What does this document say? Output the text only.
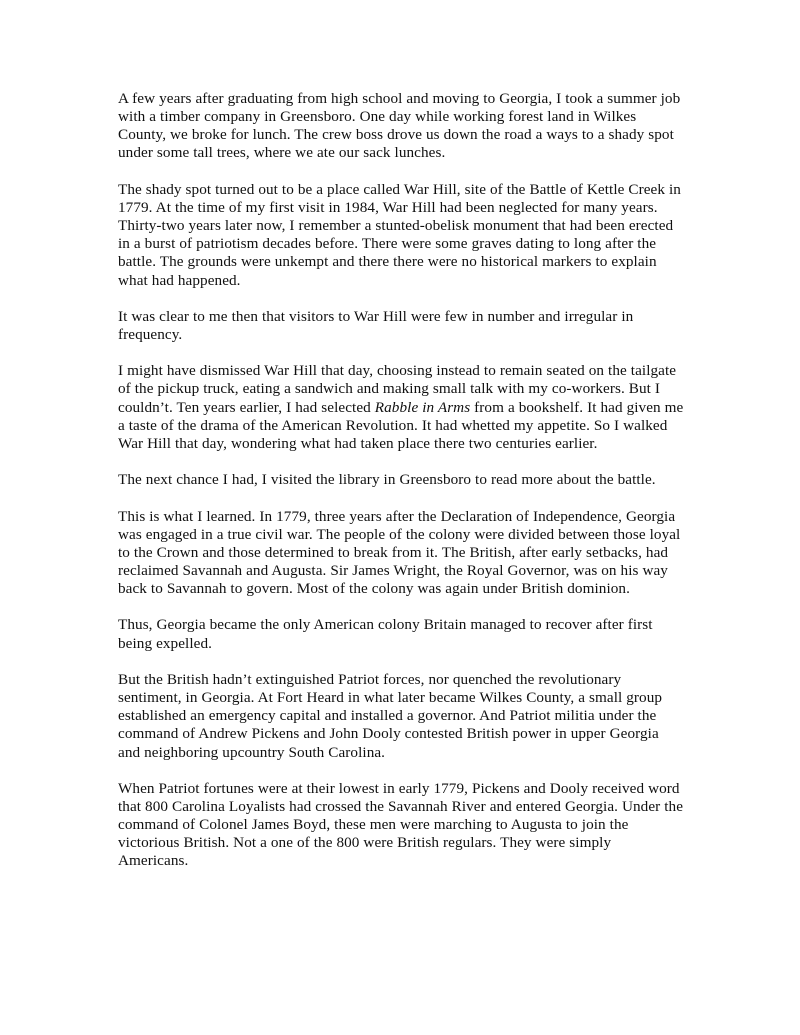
A few years after graduating from high school and moving to Georgia, I took a summer job with a timber company in Greensboro. One day while working forest land in Wilkes County, we broke for lunch. The crew boss drove us down the road a ways to a shady spot under some tall trees, where we ate our sack lunches.

The shady spot turned out to be a place called War Hill, site of the Battle of Kettle Creek in 1779. At the time of my first visit in 1984, War Hill had been neglected for many years. Thirty-two years later now, I remember a stunted-obelisk monument that had been erected in a burst of patriotism decades before. There were some graves dating to long after the battle. The grounds were unkempt and there there were no historical markers to explain what had happened.

It was clear to me then that visitors to War Hill were few in number and irregular in frequency.

I might have dismissed War Hill that day, choosing instead to remain seated on the tailgate of the pickup truck, eating a sandwich and making small talk with my co-workers. But I couldn’t. Ten years earlier, I had selected Rabble in Arms from a bookshelf. It had given me a taste of the drama of the American Revolution. It had whetted my appetite. So I walked War Hill that day, wondering what had taken place there two centuries earlier.

The next chance I had, I visited the library in Greensboro to read more about the battle.

This is what I learned. In 1779, three years after the Declaration of Independence, Georgia was engaged in a true civil war. The people of the colony were divided between those loyal to the Crown and those determined to break from it. The British, after early setbacks, had reclaimed Savannah and Augusta. Sir James Wright, the Royal Governor, was on his way back to Savannah to govern. Most of the colony was again under British dominion.

Thus, Georgia became the only American colony Britain managed to recover after first being expelled.

But the British hadn’t extinguished Patriot forces, nor quenched the revolutionary sentiment, in Georgia. At Fort Heard in what later became Wilkes County, a small group established an emergency capital and installed a governor. And Patriot militia under the command of Andrew Pickens and John Dooly contested British power in upper Georgia and neighboring upcountry South Carolina.

When Patriot fortunes were at their lowest in early 1779, Pickens and Dooly received word that 800 Carolina Loyalists had crossed the Savannah River and entered Georgia. Under the command of Colonel James Boyd, these men were marching to Augusta to join the victorious British. Not a one of the 800 were British regulars. They were simply Americans.
